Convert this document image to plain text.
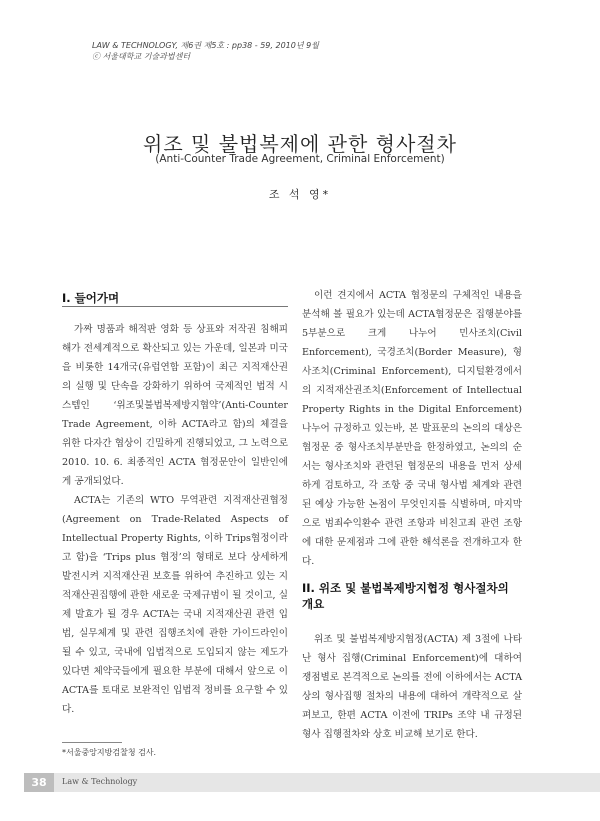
LAW & TECHNOLOGY, 제6권 제5호 : pp38 - 59, 2010년 9월
ⓒ 서울대학교 기술과법센터
위조 및 불법복제에 관한 형사절차
(Anti-Counter Trade Agreement, Criminal Enforcement)
조 석 영*
I. 들어가며

가짜 명품과 해적판 영화 등 상표와 저작권 침해피해가 전세계적으로 확산되고 있는 가운데, 일본과 미국을 비롯한 14개국(유럽연합 포함)이 최근 지적재산권의 실행 및 단속을 강화하기 위하여 국제적인 법적 시스템인 ‘위조및불법복제방지협약’(Anti-Counter Trade Agreement, 이하 ACTA라고 함)의 체결을 위한 다자간 협상이 긴밀하게 진행되었고, 그 노력으로 2010. 10. 6. 최종적인 ACTA 협정문안이 일반인에게 공개되었다.

ACTA는 기존의 WTO 무역관련 지적재산권협정(Agreement on Trade-Related Aspects of Intellectual Property Rights, 이하 Trips협정이라고 함)을 ‘Trips plus 협정’의 형태로 보다 상세하게 발전시켜 지적재산권 보호를 위하여 추진하고 있는 지적재산권집행에 관한 새로운 국제규범이 될 것이고, 실제 발효가 될 경우 ACTA는 국내 지적재산권 관련 입법, 실무체계 및 관련 집행조치에 관한 가이드라인이 될 수 있고, 국내에 입법적으로 도입되지 않는 제도가 있다면 체약국들에게 필요한 부분에 대해서 앞으로 이 ACTA를 토대로 보완적인 입법적 정비를 요구할 수 있다.

이런 견지에서 ACTA 협정문의 구체적인 내용을 분석해 볼 필요가 있는데 ACTA협정문은 집행분야를 5부분으로 크게 나누어 민사조치(Civil Enforcement), 국경조치(Border Measure), 형사조치(Criminal Enforcement), 디지털환경에서의 지적재산권조치(Enforcement of Intellectual Property Rights in the Digital Enforcement) 나누어 규정하고 있는바, 본 발표문의 논의의 대상은 협정문 중 형사조치부분만을 한정하였고, 논의의 순서는 형사조치와 관련된 협정문의 내용을 먼저 상세하게 검토하고, 각 조항 중 국내 형사법 체계와 관련된 예상 가능한 논점이 무엇인지를 식별하며, 마지막으로 범죄수익환수 관련 조항과 비친고죄 관련 조항에 대한 문제점과 그에 관한 해석론을 전개하고자 한다.

II. 위조 및 불법복제방지협정 형사절차의 개요

위조 및 불법복제방지협정(ACTA) 제 3절에 나타난 형사 집행(Criminal Enforcement)에 대하여 쟁점별로 본격적으로 논의를 전에 이하에서는 ACTA상의 형사집행 절차의 내용에 대하여 개략적으로 살펴보고, 한편 ACTA 이전에 TRIPs 조약 내 규정된 형사 집행절차와 상호 비교해 보기로 한다.

*서울중앙지방검찰청 검사.
38	Law & Technology
